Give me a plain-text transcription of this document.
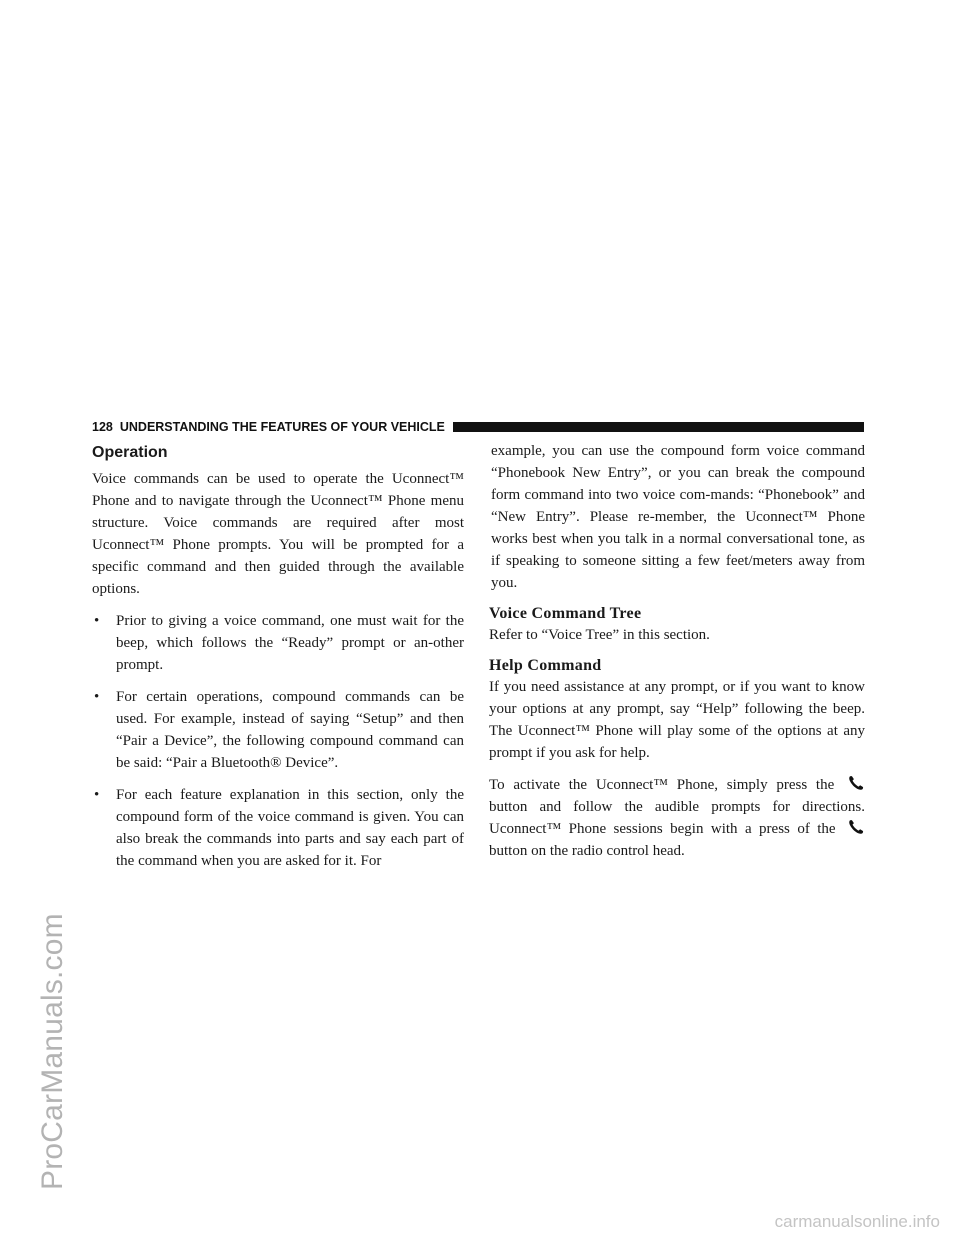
ProCarManuals.com
carmanualsonline.info
128 UNDERSTANDING THE FEATURES OF YOUR VEHICLE
Operation

Voice commands can be used to operate the Uconnect™ Phone and to navigate through the Uconnect™ Phone menu structure. Voice commands are required after most Uconnect™ Phone prompts. You will be prompted for a specific command and then guided through the available options.

• Prior to giving a voice command, one must wait for the beep, which follows the “Ready” prompt or an-other prompt.
• For certain operations, compound commands can be used. For example, instead of saying “Setup” and then “Pair a Device”, the following compound command can be said: “Pair a Bluetooth® Device”.
• For each feature explanation in this section, only the compound form of the voice command is given. You can also break the commands into parts and say each part of the command when you are asked for it. For

example, you can use the compound form voice command “Phonebook New Entry”, or you can break the compound form command into two voice com-mands: “Phonebook” and “New Entry”. Please re-member, the Uconnect™ Phone works best when you talk in a normal conversational tone, as if speaking to someone sitting a few feet/meters away from you.

Voice Command Tree

Refer to “Voice Tree” in this section.

Help Command

If you need assistance at any prompt, or if you want to know your options at any prompt, say “Help” following the beep. The Uconnect™ Phone will play some of the options at any prompt if you ask for help.

To activate the Uconnect™ Phone, simply press the  button and follow the audible prompts for directions. Uconnect™ Phone sessions begin with a press of the  button on the radio control head.
